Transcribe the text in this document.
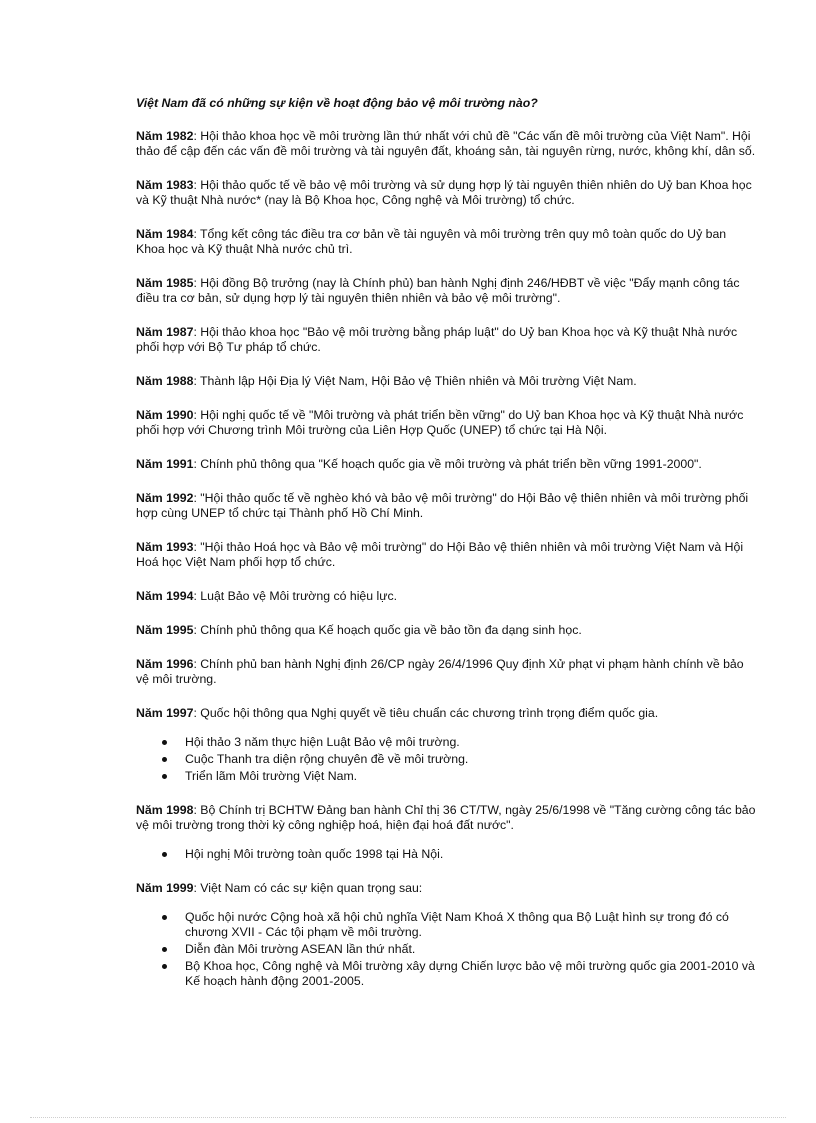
Việt Nam đã có những sự kiện về hoạt động bảo vệ môi trường nào?

Năm 1982: Hội thảo khoa học về môi trường lần thứ nhất với chủ đề "Các vấn đề môi trường của Việt Nam". Hội thảo để cập đến các vấn đề môi trường và tài nguyên đất, khoáng sản, tài nguyên rừng, nước, không khí, dân số.

Năm 1983: Hội thảo quốc tế về bảo vệ môi trường và sử dụng hợp lý tài nguyên thiên nhiên do Uỷ ban Khoa học và Kỹ thuật Nhà nước* (nay là Bộ Khoa học, Công nghệ và Môi trường) tổ chức.

Năm 1984: Tổng kết công tác điều tra cơ bản về tài nguyên và môi trường trên quy mô toàn quốc do Uỷ ban Khoa học và Kỹ thuật Nhà nước chủ trì.

Năm 1985: Hội đồng Bộ trưởng (nay là Chính phủ) ban hành Nghị định 246/HĐBT về việc "Đẩy mạnh công tác điều tra cơ bản, sử dụng hợp lý tài nguyên thiên nhiên và bảo vệ môi trường".

Năm 1987: Hội thảo khoa học "Bảo vệ môi trường bằng pháp luật" do Uỷ ban Khoa học và Kỹ thuật Nhà nước phối hợp với Bộ Tư pháp tổ chức.

Năm 1988: Thành lập Hội Địa lý Việt Nam, Hội Bảo vệ Thiên nhiên và Môi trường Việt Nam.

Năm 1990: Hội nghị quốc tế về "Môi trường và phát triển bền vững" do Uỷ ban Khoa học và Kỹ thuật Nhà nước phối hợp với Chương trình Môi trường của Liên Hợp Quốc (UNEP) tổ chức tại Hà Nội.

Năm 1991: Chính phủ thông qua "Kế hoạch quốc gia về môi trường và phát triển bền vững 1991-2000".

Năm 1992: "Hội thảo quốc tế về nghèo khó và bảo vệ môi trường" do Hội Bảo vệ thiên nhiên và môi trường phối hợp cùng UNEP tổ chức tại Thành phố Hồ Chí Minh.

Năm 1993: "Hội thảo Hoá học và Bảo vệ môi trường" do Hội Bảo vệ thiên nhiên và môi trường Việt Nam và Hội Hoá học Việt Nam phối hợp tổ chức.

Năm 1994: Luật Bảo vệ Môi trường có hiệu lực.

Năm 1995: Chính phủ thông qua Kế hoạch quốc gia về bảo tồn đa dạng sinh học.

Năm 1996: Chính phủ ban hành Nghị định 26/CP ngày 26/4/1996 Quy định Xử phạt vi phạm hành chính về bảo vệ môi trường.

Năm 1997: Quốc hội thông qua Nghị quyết về tiêu chuẩn các chương trình trọng điểm quốc gia.

Hội thảo 3 năm thực hiện Luật Bảo vệ môi trường.
Cuộc Thanh tra diện rộng chuyên đề về môi trường.
Triển lãm Môi trường Việt Nam.

Năm 1998: Bộ Chính trị BCHTW Đảng ban hành Chỉ thị 36 CT/TW, ngày 25/6/1998 về "Tăng cường công tác bảo vệ môi trường trong thời kỳ công nghiệp hoá, hiện đại hoá đất nước".

Hội nghị Môi trường toàn quốc 1998 tại Hà Nội.

Năm 1999: Việt Nam có các sự kiện quan trọng sau:

Quốc hội nước Cộng hoà xã hội chủ nghĩa Việt Nam Khoá X thông qua Bộ Luật hình sự trong đó có chương XVII - Các tội phạm về môi trường.
Diễn đàn Môi trường ASEAN lần thứ nhất.
Bộ Khoa học, Công nghệ và Môi trường xây dựng Chiến lược bảo vệ môi trường quốc gia 2001-2010 và Kế hoạch hành động 2001-2005.
